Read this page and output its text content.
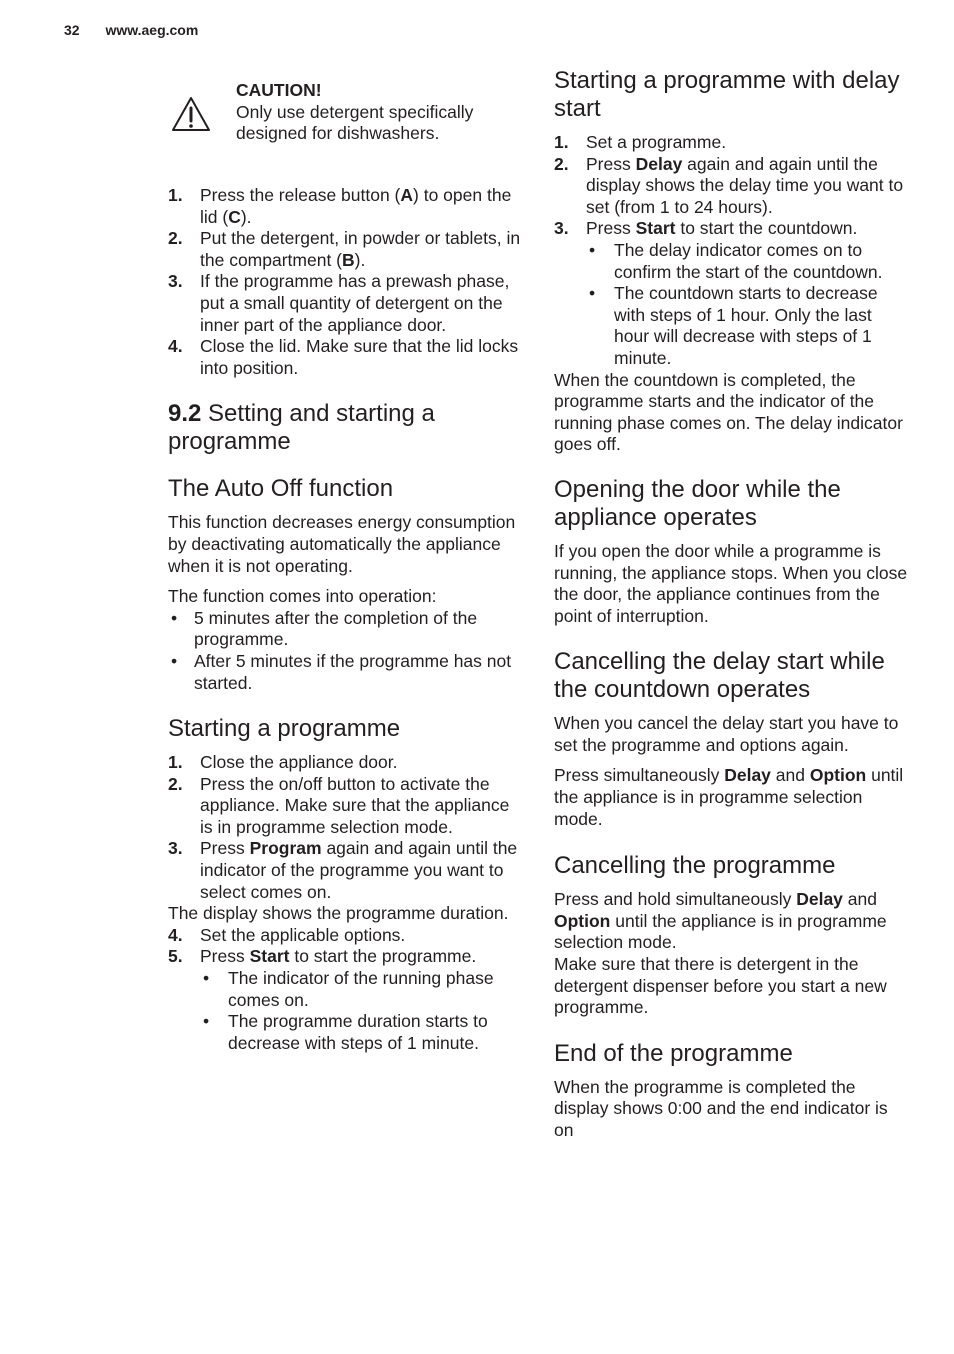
32 www.aeg.com
CAUTION!

Only use detergent specifically designed for dishwashers.

1. Press the release button (A) to open the lid (C).
2. Put the detergent, in powder or tablets, in the compartment (B).
3. If the programme has a prewash phase, put a small quantity of detergent on the inner part of the appliance door.
4. Close the lid. Make sure that the lid locks into position.
9.2 Setting and starting a programme
The Auto Off function

This function decreases energy consumption by deactivating automatically the appliance when it is not operating.

The function comes into operation:

• 5 minutes after the completion of the programme.
• After 5 minutes if the programme has not started.
Starting a programme
1. Close the appliance door.
2. Press the on/off button to activate the appliance. Make sure that the appliance is in programme selection mode.
3. Press Program again and again until the indicator of the programme you want to select comes on.

The display shows the programme duration.

4. Set the applicable options.
5. Press Start to start the programme.
• The indicator of the running phase comes on.
• The programme duration starts to decrease with steps of 1 minute.
Starting a programme with delay start
1. Set a programme.
2. Press Delay again and again until the display shows the delay time you want to set (from 1 to 24 hours).
3. Press Start to start the countdown.
• The delay indicator comes on to confirm the start of the countdown.
• The countdown starts to decrease with steps of 1 hour. Only the last hour will decrease with steps of 1 minute.

When the countdown is completed, the programme starts and the indicator of the running phase comes on. The delay indicator goes off.

Opening the door while the appliance operates

If you open the door while a programme is running, the appliance stops. When you close the door, the appliance continues from the point of interruption.

Cancelling the delay start while the countdown operates

When you cancel the delay start you have to set the programme and options again.

Press simultaneously Delay and Option until the appliance is in programme selection mode.

Cancelling the programme

Press and hold simultaneously Delay and Option until the appliance is in programme selection mode.

Make sure that there is detergent in the detergent dispenser before you start a new programme.

End of the programme

When the programme is completed the display shows 0:00 and the end indicator is on
